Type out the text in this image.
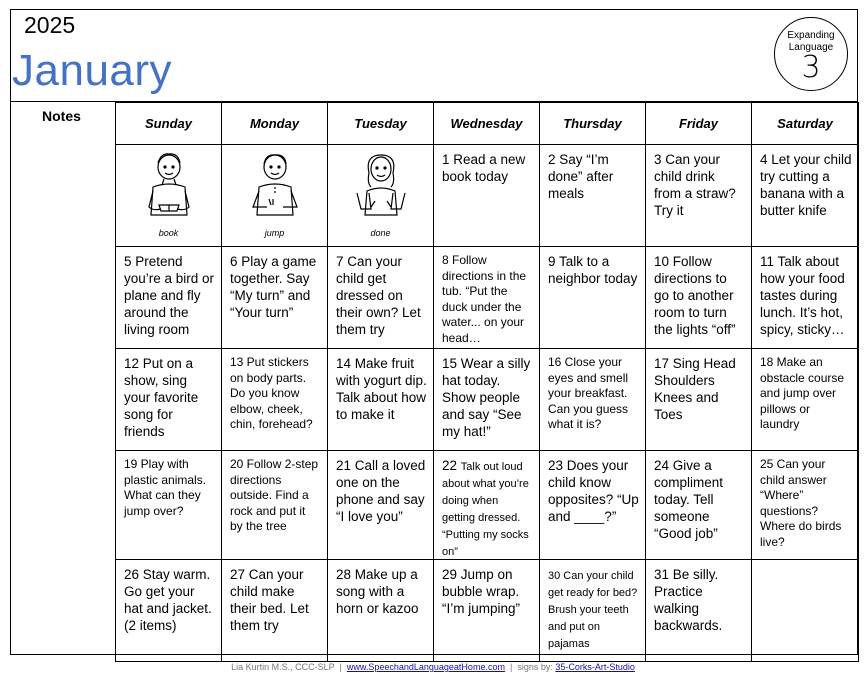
2025
January
Expanding Language
3
Notes	Sunday	Monday	Tuesday	Wednesday	Thursday	Friday	Saturday

book	jump	done	1 Read a new book today	2 Say “I’m done” after meals	3 Can your child drink from a straw? Try it	4 Let your child try cutting a banana with a butter knife

5 Pretend you’re a bird or plane and fly around the living room	6 Play a game together. Say “My turn” and “Your turn”	7 Can your child get dressed on their own? Let them try	8 Follow directions in the tub. “Put the duck under the water... on your head…	9 Talk to a neighbor today	10 Follow directions to go to another room to turn the lights “off”	11 Talk about how your food tastes during lunch. It’s hot, spicy, sticky…

12 Put on a show, sing your favorite song for friends	13 Put stickers on body parts. Do you know elbow, cheek, chin, forehead?	14 Make fruit with yogurt dip. Talk about how to make it	15 Wear a silly hat today. Show people and say “See my hat!”	16 Close your eyes and smell your breakfast. Can you guess what it is?	17 Sing Head Shoulders Knees and Toes	18 Make an obstacle course and jump over pillows or laundry

19 Play with plastic animals. What can they jump over?	20 Follow 2-step directions outside. Find a rock and put it by the tree	21 Call a loved one on the phone and say “I love you”	22 Talk out loud about what you’re doing when getting dressed. “Putting my socks on”	23 Does your child know opposites? “Up and ____?”	24 Give a compliment today. Tell someone “Good job”	25 Can your child answer “Where” questions? Where do birds live?

26 Stay warm. Go get your hat and jacket. (2 items)	27 Can your child make their bed. Let them try	28 Make up a song with a horn or kazoo	29 Jump on bubble wrap. “I’m jumping”	30 Can your child get ready for bed? Brush your teeth and put on pajamas	31 Be silly. Practice walking backwards.	

Lia Kurtin M.S., CCC-SLP | www.SpeechandLanguageatHome.com | signs by: 35-Corks-Art-Studio
